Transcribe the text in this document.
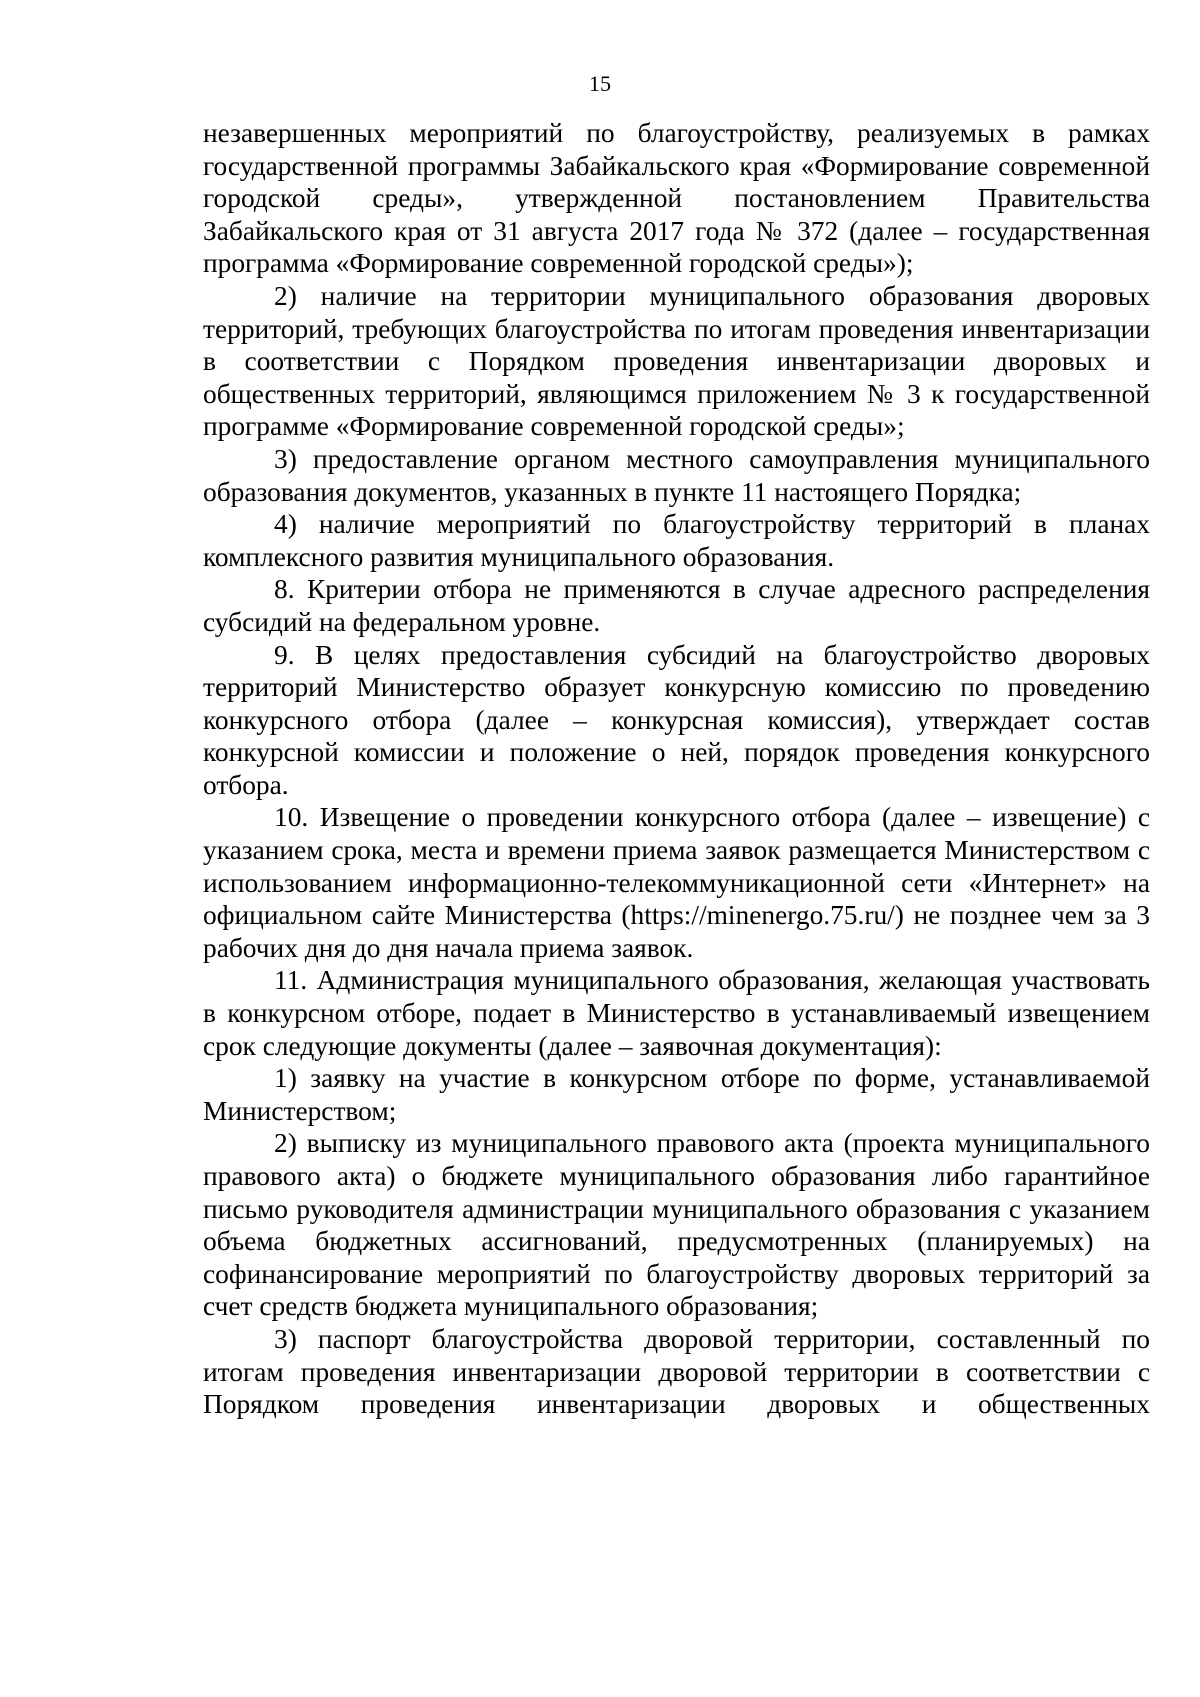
15

незавершенных мероприятий по благоустройству, реализуемых в рамках государственной программы Забайкальского края «Формирование современной городской среды», утвержденной постановлением Правительства Забайкальского края от 31 августа 2017 года № 372 (далее – государственная программа «Формирование современной городской среды»);

2) наличие на территории муниципального образования дворовых территорий, требующих благоустройства по итогам проведения инвентаризации в соответствии с Порядком проведения инвентаризации дворовых и общественных территорий, являющимся приложением № 3 к государственной программе «Формирование современной городской среды»;

3) предоставление органом местного самоуправления муниципального образования документов, указанных в пункте 11 настоящего Порядка;

4) наличие мероприятий по благоустройству территорий в планах комплексного развития муниципального образования.

8. Критерии отбора не применяются в случае адресного распределения субсидий на федеральном уровне.

9. В целях предоставления субсидий на благоустройство дворовых территорий Министерство образует конкурсную комиссию по проведению конкурсного отбора (далее – конкурсная комиссия), утверждает состав конкурсной комиссии и положение о ней, порядок проведения конкурсного отбора.

10. Извещение о проведении конкурсного отбора (далее – извещение) с указанием срока, места и времени приема заявок размещается Министерством с использованием информационно-телекоммуникационной сети «Интернет» на официальном сайте Министерства (https://minenergo.75.ru/) не позднее чем за 3 рабочих дня до дня начала приема заявок.

11. Администрация муниципального образования, желающая участвовать в конкурсном отборе, подает в Министерство в устанавливаемый извещением срок следующие документы (далее – заявочная документация):

1) заявку на участие в конкурсном отборе по форме, устанавливаемой Министерством;

2) выписку из муниципального правового акта (проекта муниципального правового акта) о бюджете муниципального образования либо гарантийное письмо руководителя администрации муниципального образования с указанием объема бюджетных ассигнований, предусмотренных (планируемых) на софинансирование мероприятий по благоустройству дворовых территорий за счет средств бюджета муниципального образования;

3) паспорт благоустройства дворовой территории, составленный по итогам проведения инвентаризации дворовой территории в соответствии с Порядком проведения инвентаризации дворовых и общественных
